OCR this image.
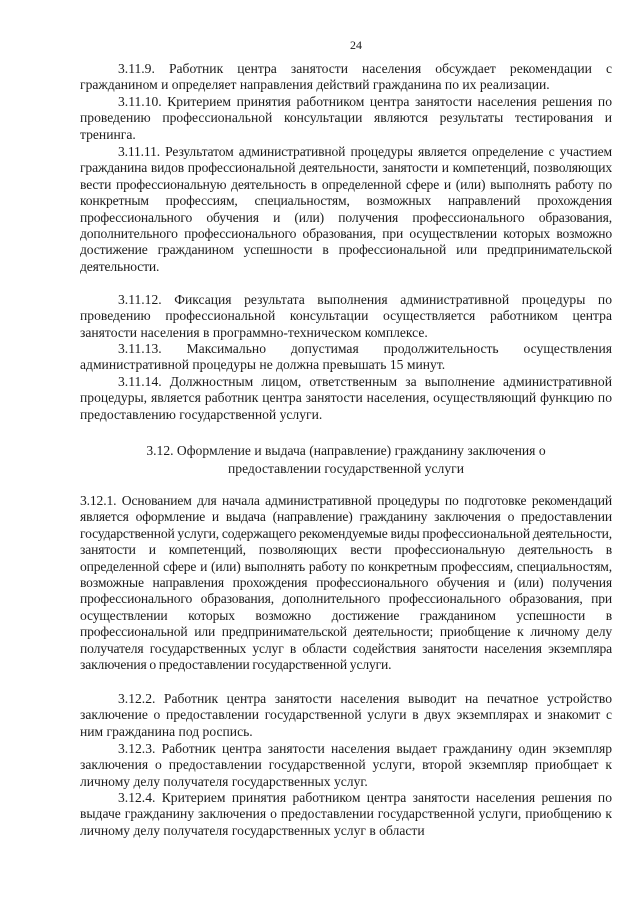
24

3.11.9. Работник центра занятости населения обсуждает рекомендации с гражданином и определяет направления действий гражданина по их реализации.

3.11.10. Критерием принятия работником центра занятости населения решения по проведению профессиональной консультации являются результаты тестирования и тренинга.

3.11.11. Результатом административной процедуры является определение с участием гражданина видов профессиональной деятельности, занятости и компетенций, позволяющих вести профессиональную деятельность в определенной сфере и (или) выполнять работу по конкретным профессиям, специальностям, возможных направлений прохождения профессионального обучения и (или) получения профессионального образования, дополнительного профессионального образования, при осуществлении которых возможно достижение гражданином успешности в профессиональной или предпринимательской деятельности.

3.11.12. Фиксация результата выполнения административной процедуры по проведению профессиональной консультации осуществляется работником центра занятости населения в программно-техническом комплексе.

3.11.13. Максимально допустимая продолжительность осуществления административной процедуры не должна превышать 15 минут.

3.11.14. Должностным лицом, ответственным за выполнение административной процедуры, является работник центра занятости населения, осуществляющий функцию по предоставлению государственной услуги.

3.12. Оформление и выдача (направление) гражданину заключения о
предоставлении государственной услуги

3.12.1. Основанием для начала административной процедуры по подготовке рекомендаций является оформление и выдача (направление) гражданину заключения о предоставлении государственной услуги, содержащего рекомендуемые виды профессиональной деятельности, занятости и компетенций, позволяющих вести профессиональную деятельность в определенной сфере и (или) выполнять работу по конкретным профессиям, специальностям, возможные направления прохождения профессионального обучения и (или) получения профессионального образования, дополнительного профессионального образования, при осуществлении которых возможно достижение гражданином успешности в профессиональной или предпринимательской деятельности; приобщение к личному делу получателя государственных услуг в области содействия занятости населения экземпляра заключения о предоставлении государственной услуги.

3.12.2. Работник центра занятости населения выводит на печатное устройство заключение о предоставлении государственной услуги в двух экземплярах и знакомит с ним гражданина под роспись.

3.12.3. Работник центра занятости населения выдает гражданину один экземпляр заключения о предоставлении государственной услуги, второй экземпляр приобщает к личному делу получателя государственных услуг.

3.12.4. Критерием принятия работником центра занятости населения решения по выдаче гражданину заключения о предоставлении государственной услуги, приобщению к личному делу получателя государственных услуг в области
